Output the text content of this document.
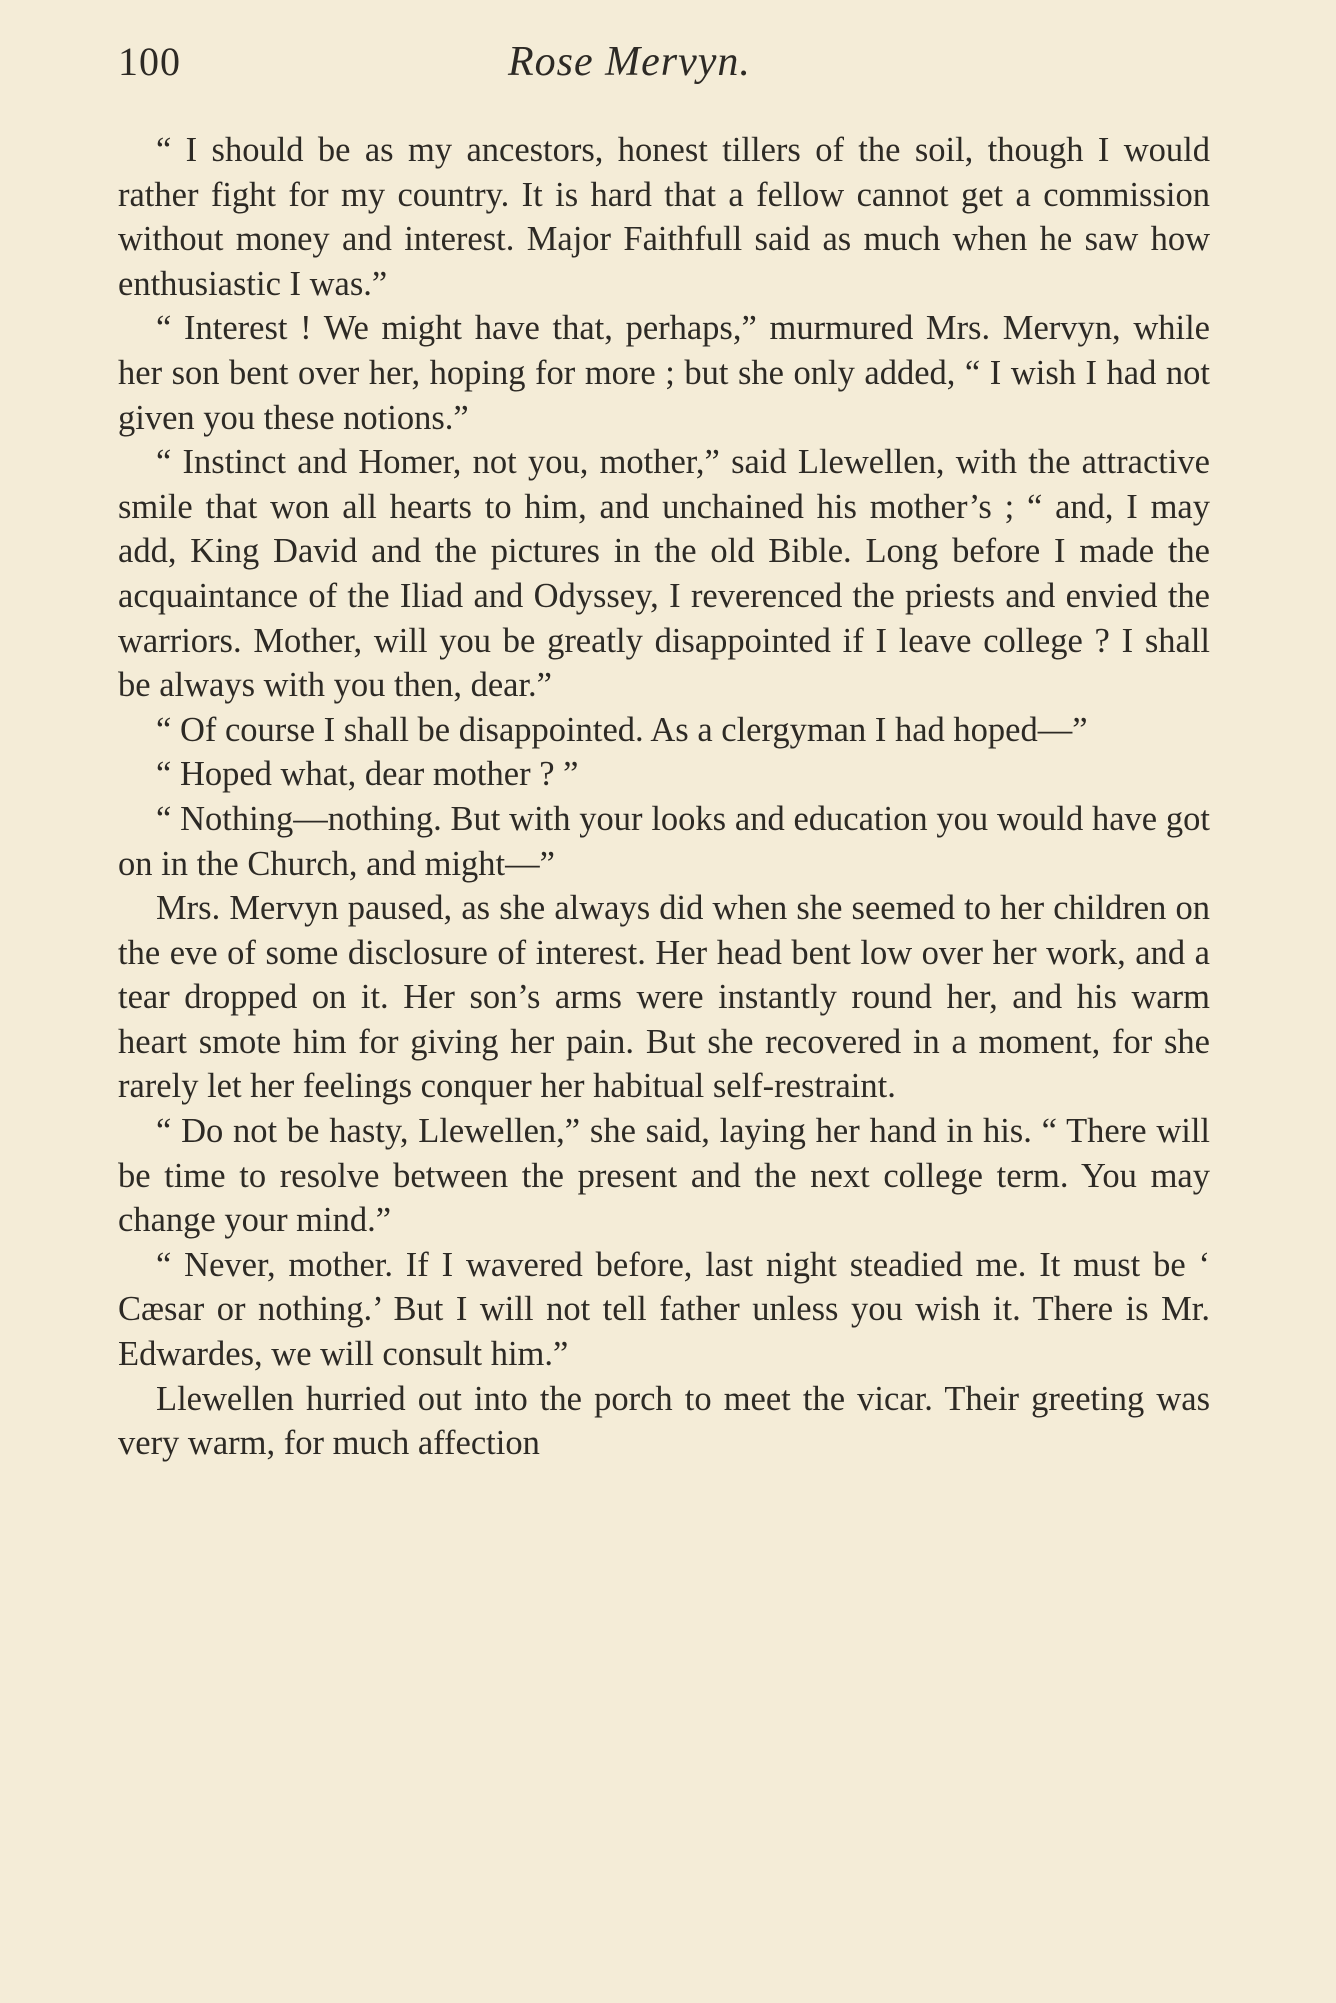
100	Rose Mervyn.

“ I should be as my ancestors, honest tillers of the soil, though I would rather fight for my country. It is hard that a fellow cannot get a commission without money and interest. Major Faithfull said as much when he saw how enthusiastic I was.”

“ Interest ! We might have that, perhaps,” murmured Mrs. Mervyn, while her son bent over her, hoping for more ; but she only added, “ I wish I had not given you these notions.”

“ Instinct and Homer, not you, mother,” said Llewellen, with the attractive smile that won all hearts to him, and unchained his mother’s ; “ and, I may add, King David and the pictures in the old Bible. Long before I made the acquaintance of the Iliad and Odyssey, I reverenced the priests and envied the warriors. Mother, will you be greatly disappointed if I leave college ? I shall be always with you then, dear.”

“ Of course I shall be disappointed. As a clergyman I had hoped—”

“ Hoped what, dear mother ? ”

“ Nothing—nothing. But with your looks and education you would have got on in the Church, and might—”

Mrs. Mervyn paused, as she always did when she seemed to her children on the eve of some disclosure of interest. Her head bent low over her work, and a tear dropped on it. Her son’s arms were instantly round her, and his warm heart smote him for giving her pain. But she recovered in a moment, for she rarely let her feelings conquer her habitual self-restraint.

“ Do not be hasty, Llewellen,” she said, laying her hand in his. “ There will be time to resolve between the present and the next college term. You may change your mind.”

“ Never, mother. If I wavered before, last night steadied me. It must be ‘ Cæsar or nothing.’ But I will not tell father unless you wish it. There is Mr. Edwardes, we will consult him.”

Llewellen hurried out into the porch to meet the vicar. Their greeting was very warm, for much affection
